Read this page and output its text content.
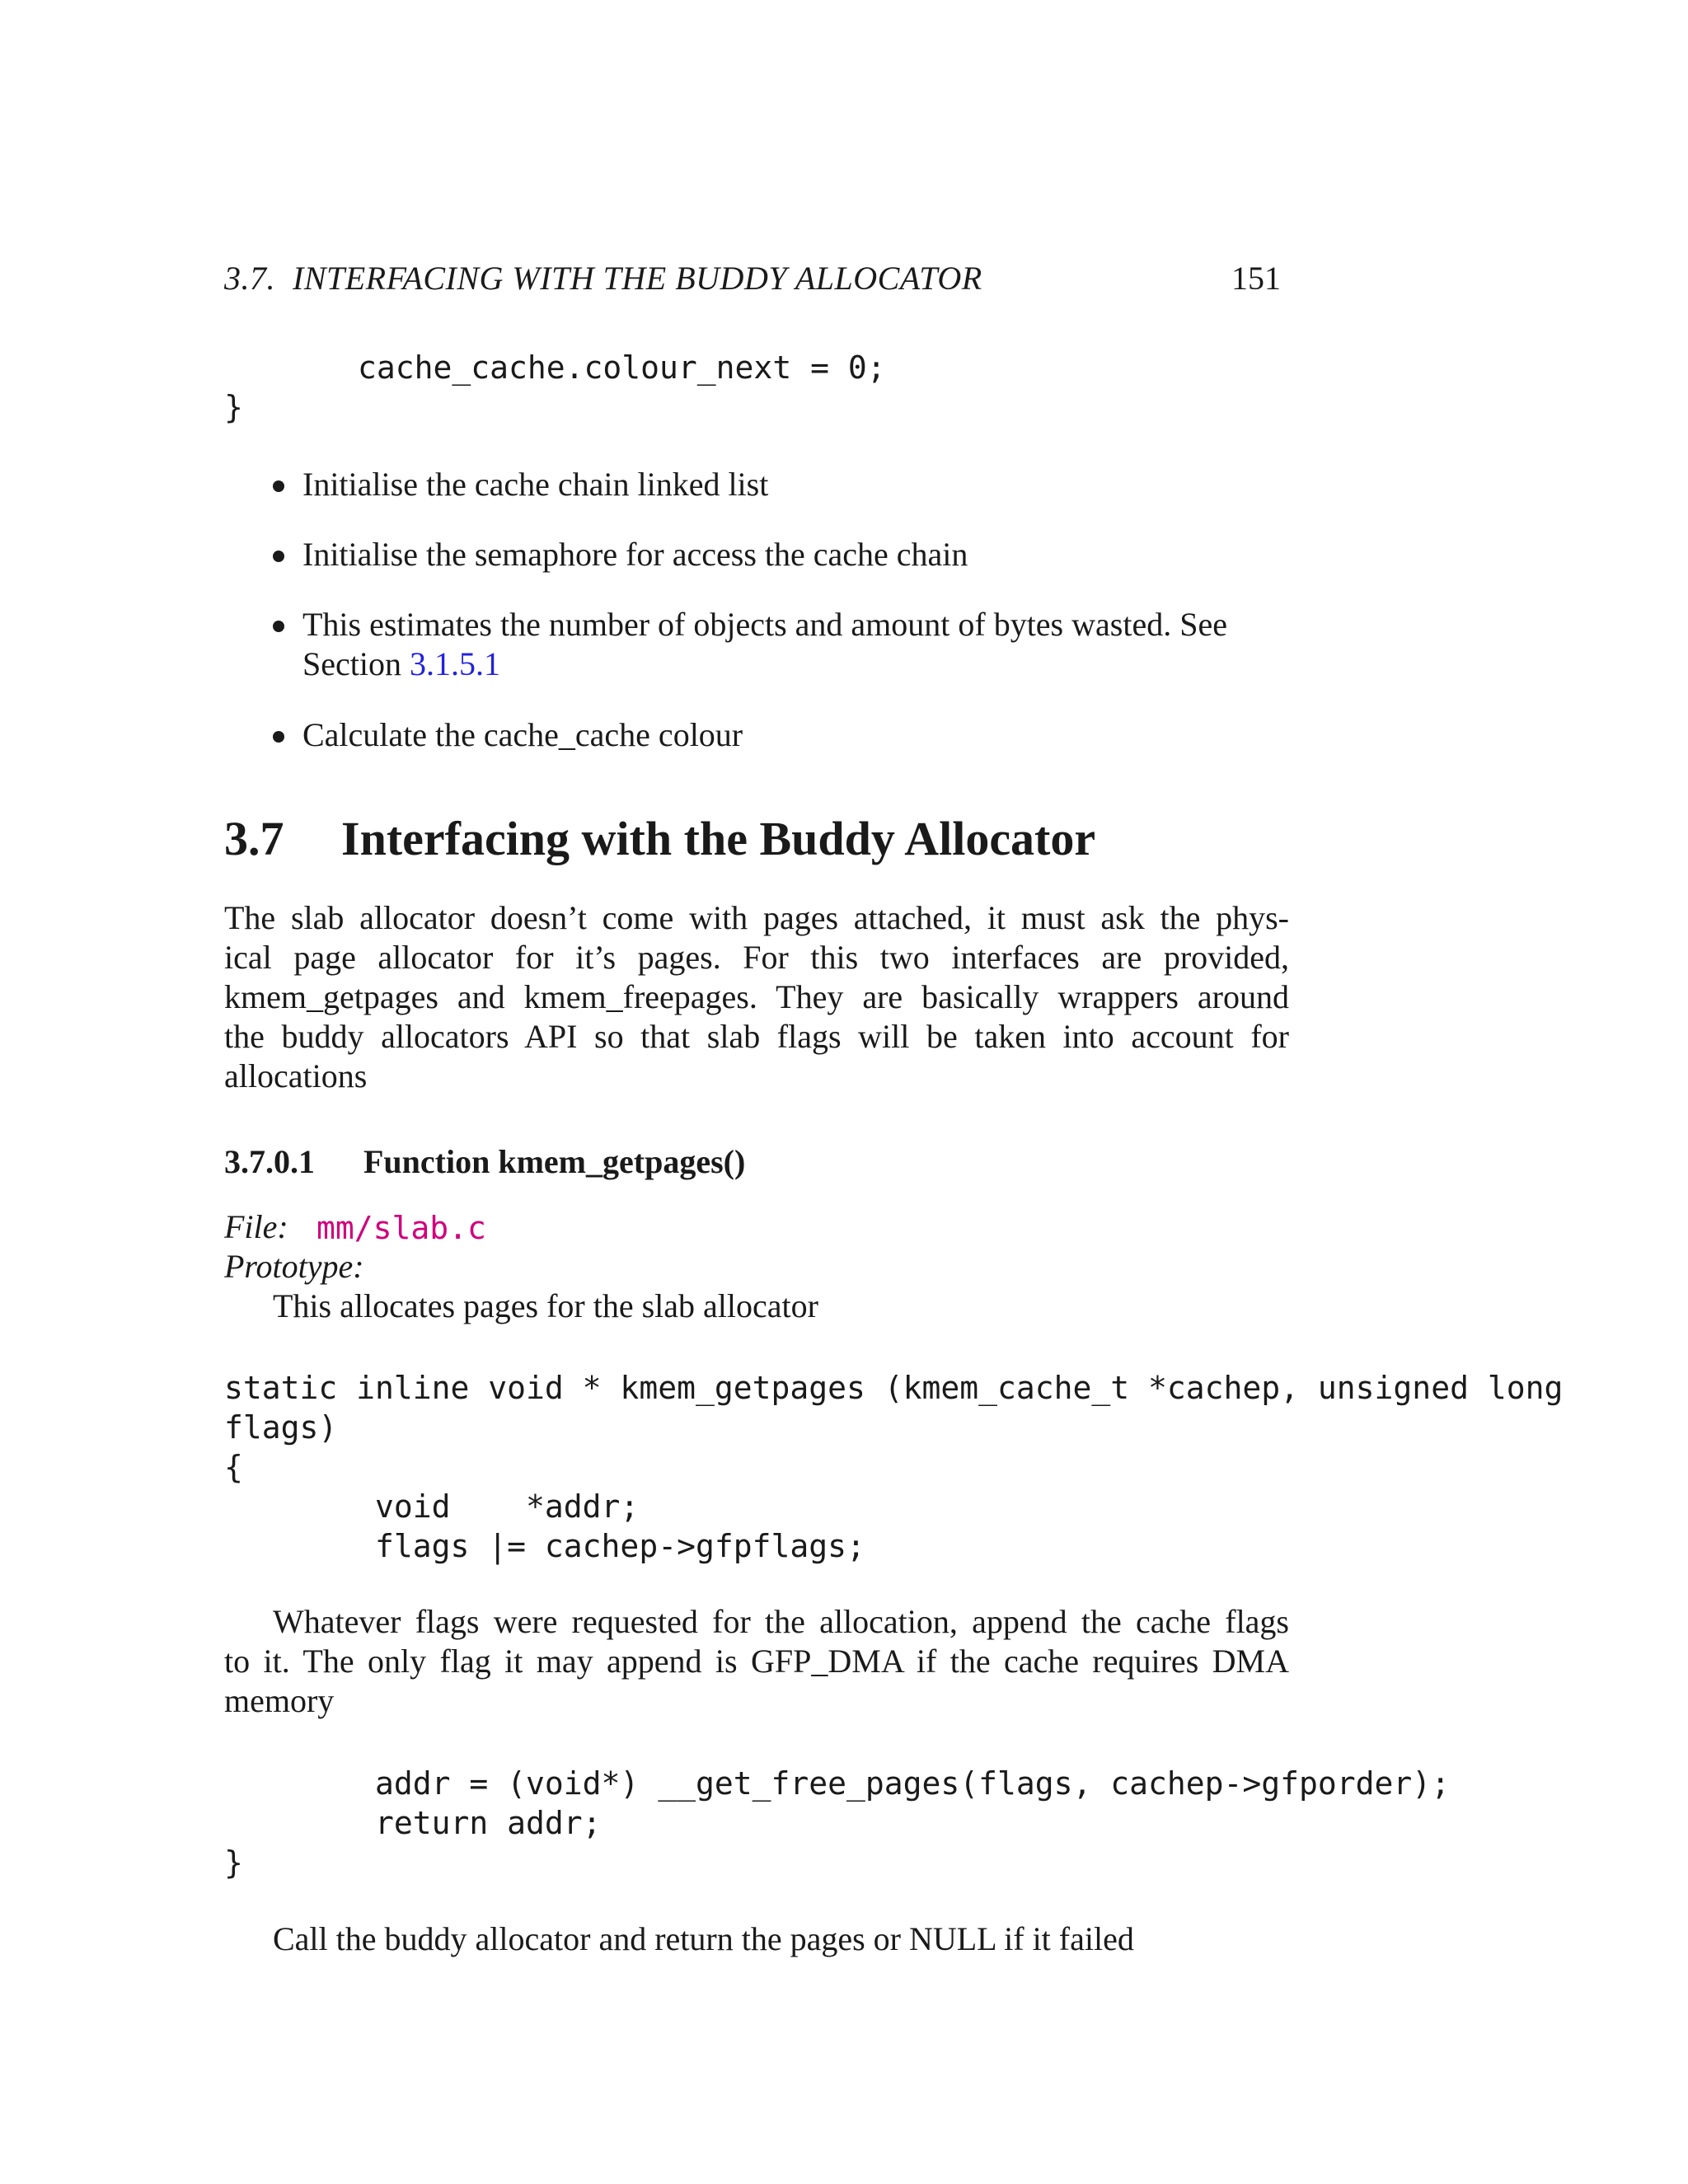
3.7.  INTERFACING WITH THE BUDDY ALLOCATOR	151
cache_cache.colour_next = 0;
}
Initialise the cache chain linked list
Initialise the semaphore for access the cache chain
This estimates the number of objects and amount of bytes wasted. See
Section 3.1.5.1
Calculate the cache_cache colour
3.7 Interfacing with the Buddy Allocator
The slab allocator doesn’t come with pages attached, it must ask the phys-
ical page allocator for it’s pages. For this two interfaces are provided,
kmem_getpages and kmem_freepages. They are basically wrappers around
the buddy allocators API so that slab flags will be taken into account for
allocations
3.7.0.1 Function kmem_getpages()
File: mm/slab.c
Prototype:
This allocates pages for the slab allocator
static inline void * kmem_getpages (kmem_cache_t *cachep, unsigned long
flags)
{
void    *addr;
flags |= cachep->gfpflags;
Whatever flags were requested for the allocation, append the cache flags
to it. The only flag it may append is GFP_DMA if the cache requires DMA
memory
addr = (void*) __get_free_pages(flags, cachep->gfporder);
return addr;
}
Call the buddy allocator and return the pages or NULL if it failed
